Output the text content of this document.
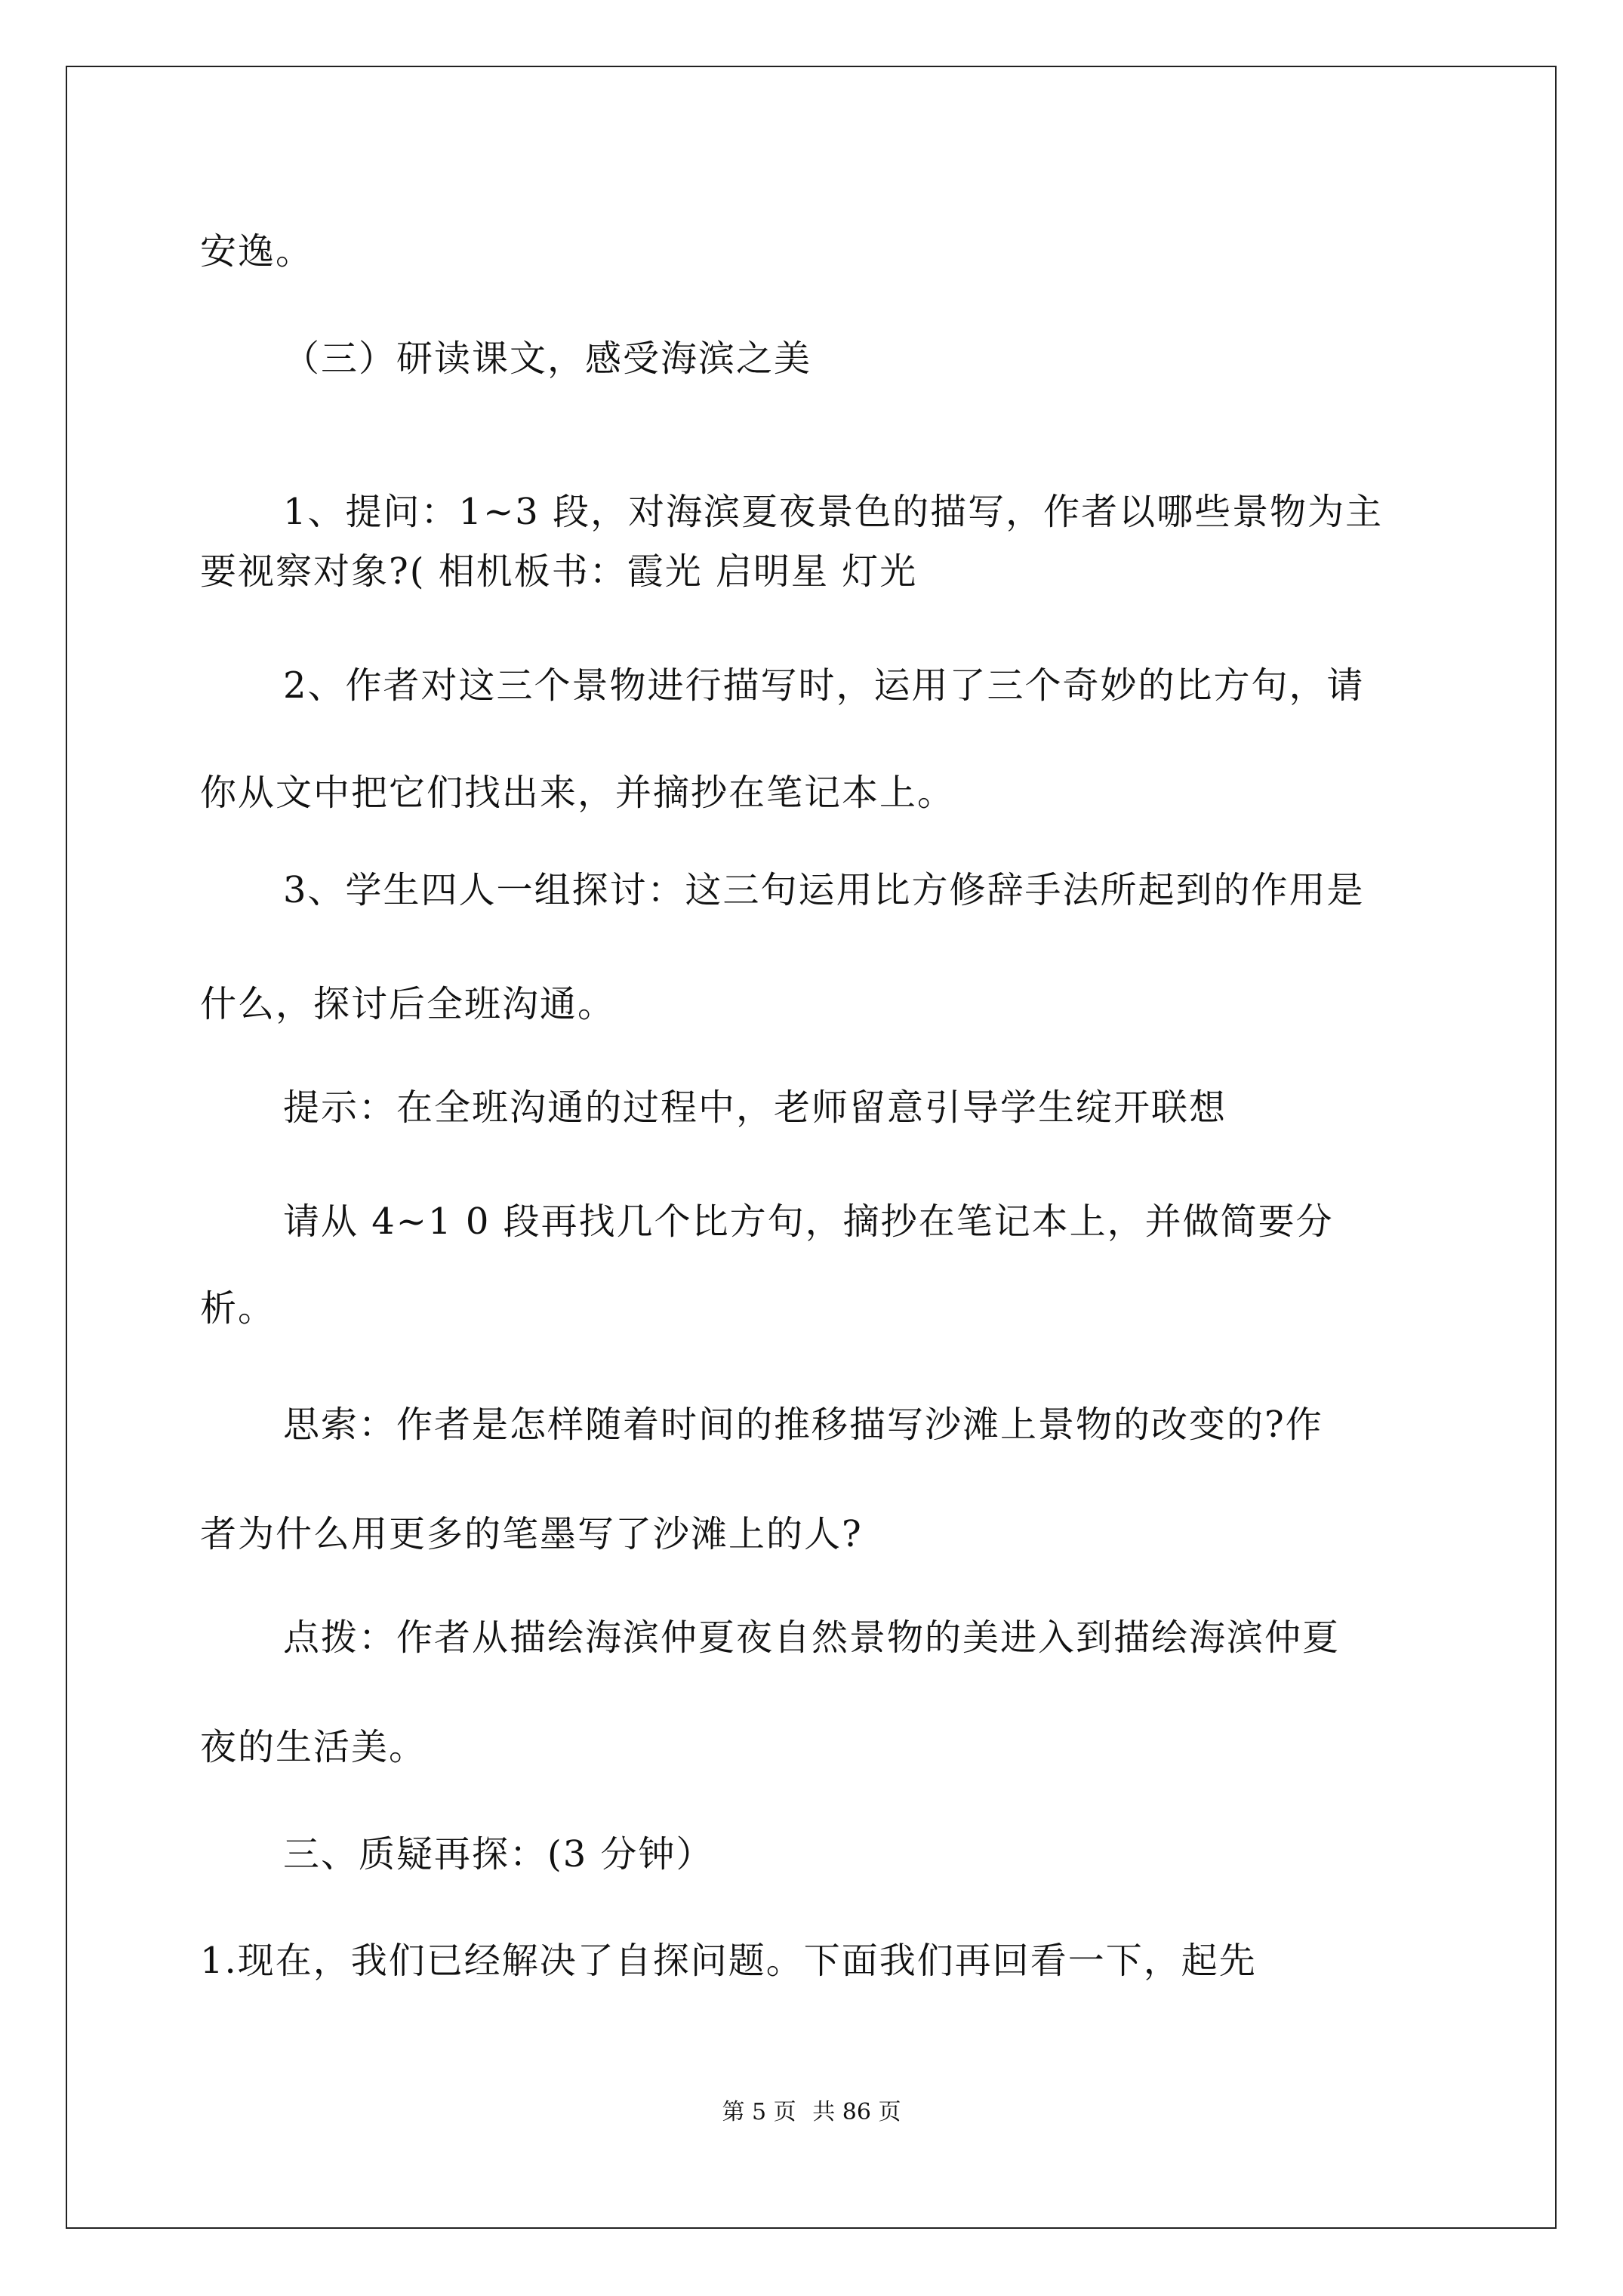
安逸。
（三）研读课文，感受海滨之美
1、提问：1~3 段，对海滨夏夜景色的描写，作者以哪些景物为主
要视察对象?( 相机板书：霞光 启明星 灯光
2、作者对这三个景物进行描写时，运用了三个奇妙的比方句，请
你从文中把它们找出来，并摘抄在笔记本上。
3、学生四人一组探讨：这三句运用比方修辞手法所起到的作用是
什么，探讨后全班沟通。
提示：在全班沟通的过程中，老师留意引导学生绽开联想
请从 4~1 0 段再找几个比方句，摘抄在笔记本上，并做简要分
析。
思索：作者是怎样随着时间的推移描写沙滩上景物的改变的?作
者为什么用更多的笔墨写了沙滩上的人?
点拨：作者从描绘海滨仲夏夜自然景物的美进入到描绘海滨仲夏
夜的生活美。
三、质疑再探：(3 分钟）
1.现在，我们已经解决了自探问题。下面我们再回看一下，起先
第 5 页 共 86 页
